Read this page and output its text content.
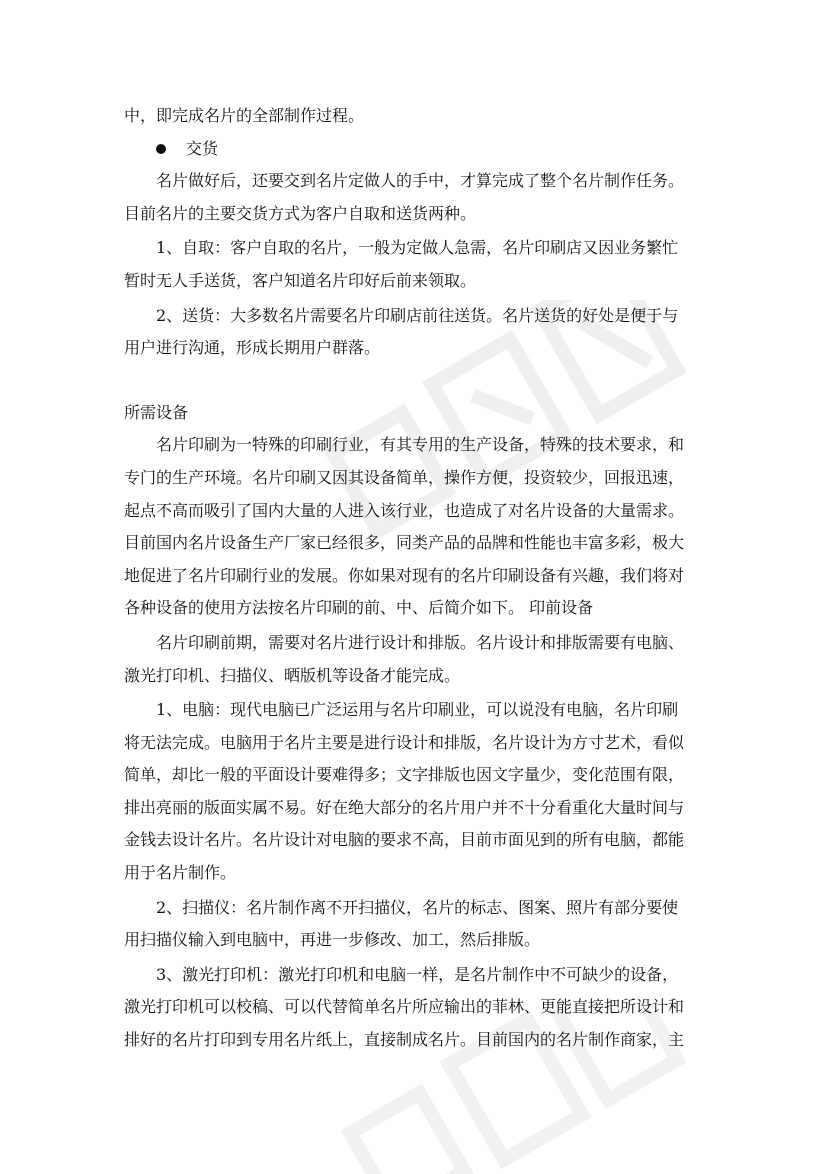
中，即完成名片的全部制作过程。

交货

名片做好后，还要交到名片定做人的手中，才算完成了整个名片制作任务。

目前名片的主要交货方式为客户自取和送货两种。

1、自取：客户自取的名片，一般为定做人急需，名片印刷店又因业务繁忙

暂时无人手送货，客户知道名片印好后前来领取。

2、送货：大多数名片需要名片印刷店前往送货。名片送货的好处是便于与

用户进行沟通，形成长期用户群落。

所需设备

名片印刷为一特殊的印刷行业，有其专用的生产设备，特殊的技术要求，和

专门的生产环境。名片印刷又因其设备简单，操作方便，投资较少，回报迅速，

起点不高而吸引了国内大量的人进入该行业，也造成了对名片设备的大量需求。

目前国内名片设备生产厂家已经很多，同类产品的品牌和性能也丰富多彩，极大

地促进了名片印刷行业的发展。你如果对现有的名片印刷设备有兴趣，我们将对

各种设备的使用方法按名片印刷的前、中、后简介如下。 印前设备

名片印刷前期，需要对名片进行设计和排版。名片设计和排版需要有电脑、

激光打印机、扫描仪、晒版机等设备才能完成。

1、电脑：现代电脑已广泛运用与名片印刷业，可以说没有电脑，名片印刷

将无法完成。电脑用于名片主要是进行设计和排版，名片设计为方寸艺术，看似

简单，却比一般的平面设计要难得多；文字排版也因文字量少，变化范围有限，

排出亮丽的版面实属不易。好在绝大部分的名片用户并不十分看重化大量时间与

金钱去设计名片。名片设计对电脑的要求不高，目前市面见到的所有电脑，都能

用于名片制作。

2、扫描仪：名片制作离不开扫描仪，名片的标志、图案、照片有部分要使

用扫描仪输入到电脑中，再进一步修改、加工，然后排版。

3、激光打印机：激光打印机和电脑一样，是名片制作中不可缺少的设备，

激光打印机可以校稿、可以代替简单名片所应输出的菲林、更能直接把所设计和

排好的名片打印到专用名片纸上，直接制成名片。目前国内的名片制作商家，主
